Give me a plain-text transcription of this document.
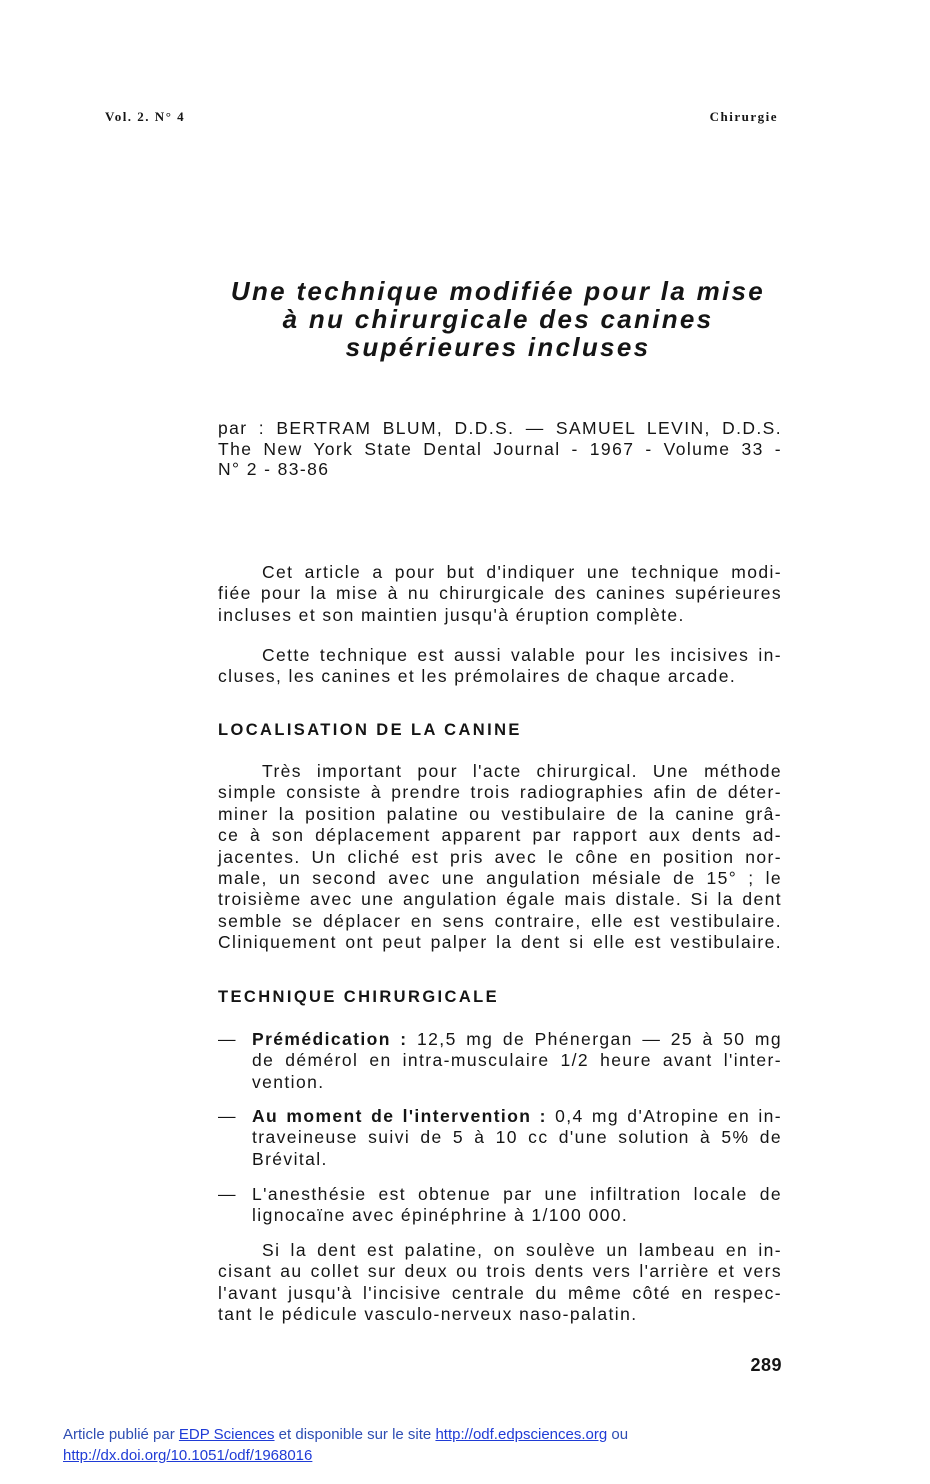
Vol. 2. N° 4	Chirurgie
Une technique modifiée pour la mise
à nu chirurgicale des canines
supérieures incluses
par : BERTRAM BLUM, D.D.S. — SAMUEL LEVIN, D.D.S.
The New York State Dental Journal - 1967 - Volume 33 -
N° 2 - 83-86
Cet article a pour but d'indiquer une technique modi-
fiée pour la mise à nu chirurgicale des canines supérieures
incluses et son maintien jusqu'à éruption complète.
Cette technique est aussi valable pour les incisives in-
cluses, les canines et les prémolaires de chaque arcade.
LOCALISATION DE LA CANINE
Très important pour l'acte chirurgical. Une méthode
simple consiste à prendre trois radiographies afin de déter-
miner la position palatine ou vestibulaire de la canine grâ-
ce à son déplacement apparent par rapport aux dents ad-
jacentes. Un cliché est pris avec le cône en position nor-
male, un second avec une angulation mésiale de 15° ; le
troisième avec une angulation égale mais distale. Si la dent
semble se déplacer en sens contraire, elle est vestibulaire.
Cliniquement ont peut palper la dent si elle est vestibulaire.
TECHNIQUE CHIRURGICALE
— Prémédication : 12,5 mg de Phénergan — 25 à 50 mg
de démérol en intra-musculaire 1/2 heure avant l'inter-
vention.
— Au moment de l'intervention : 0,4 mg d'Atropine en in-
traveineuse suivi de 5 à 10 cc d'une solution à 5% de
Brévital.
— L'anesthésie est obtenue par une infiltration locale de
lignocaïne avec épinéphrine à 1/100 000.
Si la dent est palatine, on soulève un lambeau en in-
cisant au collet sur deux ou trois dents vers l'arrière et vers
l'avant jusqu'à l'incisive centrale du même côté en respec-
tant le pédicule vasculo-nerveux naso-palatin.
289
Article publié par EDP Sciences et disponible sur le site http://odf.edpsciences.org ou
http://dx.doi.org/10.1051/odf/1968016
